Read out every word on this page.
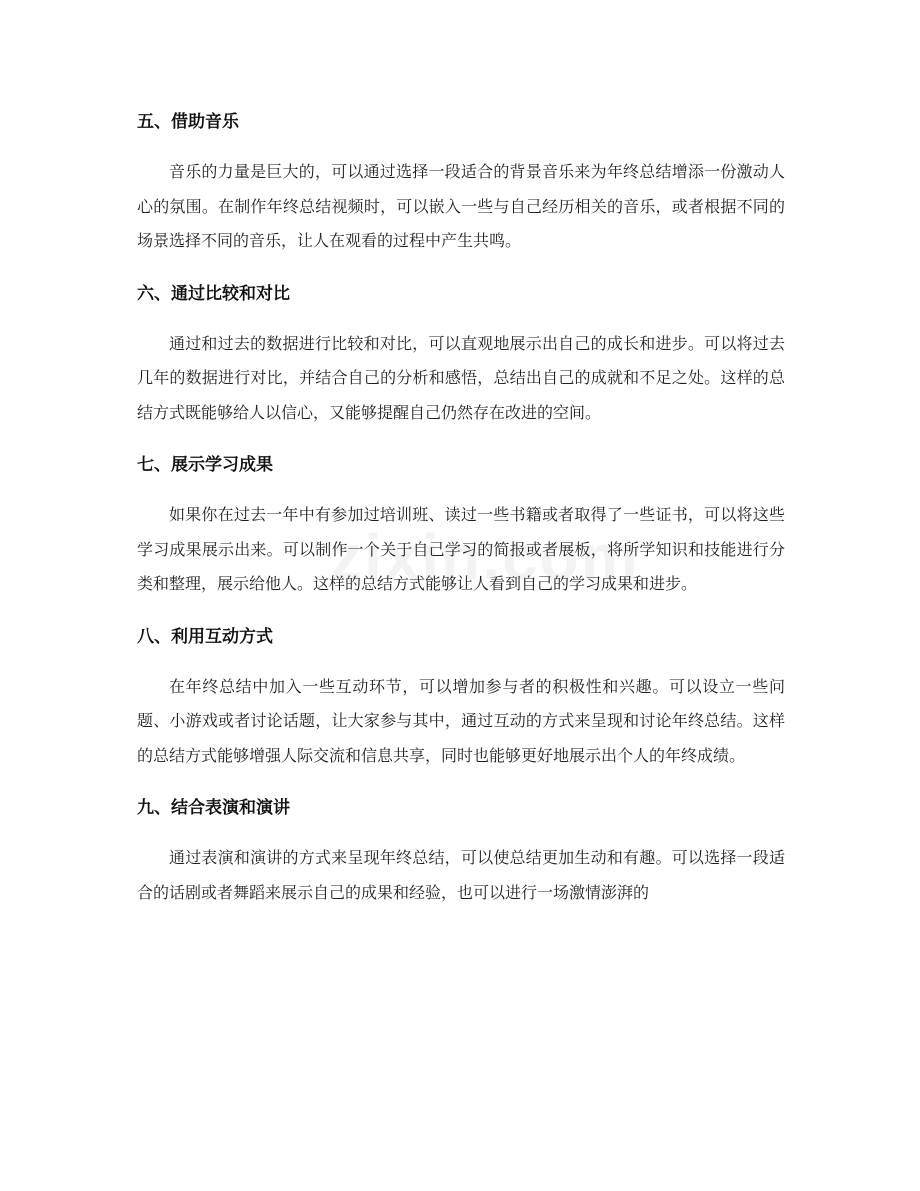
五、借助音乐

音乐的力量是巨大的，可以通过选择一段适合的背景音乐来为年终总结增添一份激动人心的氛围。在制作年终总结视频时，可以嵌入一些与自己经历相关的音乐，或者根据不同的场景选择不同的音乐，让人在观看的过程中产生共鸣。

六、通过比较和对比

通过和过去的数据进行比较和对比，可以直观地展示出自己的成长和进步。可以将过去几年的数据进行对比，并结合自己的分析和感悟，总结出自己的成就和不足之处。这样的总结方式既能够给人以信心，又能够提醒自己仍然存在改进的空间。

七、展示学习成果

如果你在过去一年中有参加过培训班、读过一些书籍或者取得了一些证书，可以将这些学习成果展示出来。可以制作一个关于自己学习的简报或者展板，将所学知识和技能进行分类和整理，展示给他人。这样的总结方式能够让人看到自己的学习成果和进步。

八、利用互动方式

在年终总结中加入一些互动环节，可以增加参与者的积极性和兴趣。可以设立一些问题、小游戏或者讨论话题，让大家参与其中，通过互动的方式来呈现和讨论年终总结。这样的总结方式能够增强人际交流和信息共享，同时也能够更好地展示出个人的年终成绩。

九、结合表演和演讲

通过表演和演讲的方式来呈现年终总结，可以使总结更加生动和有趣。可以选择一段适合的话剧或者舞蹈来展示自己的成果和经验，也可以进行一场激情澎湃的
